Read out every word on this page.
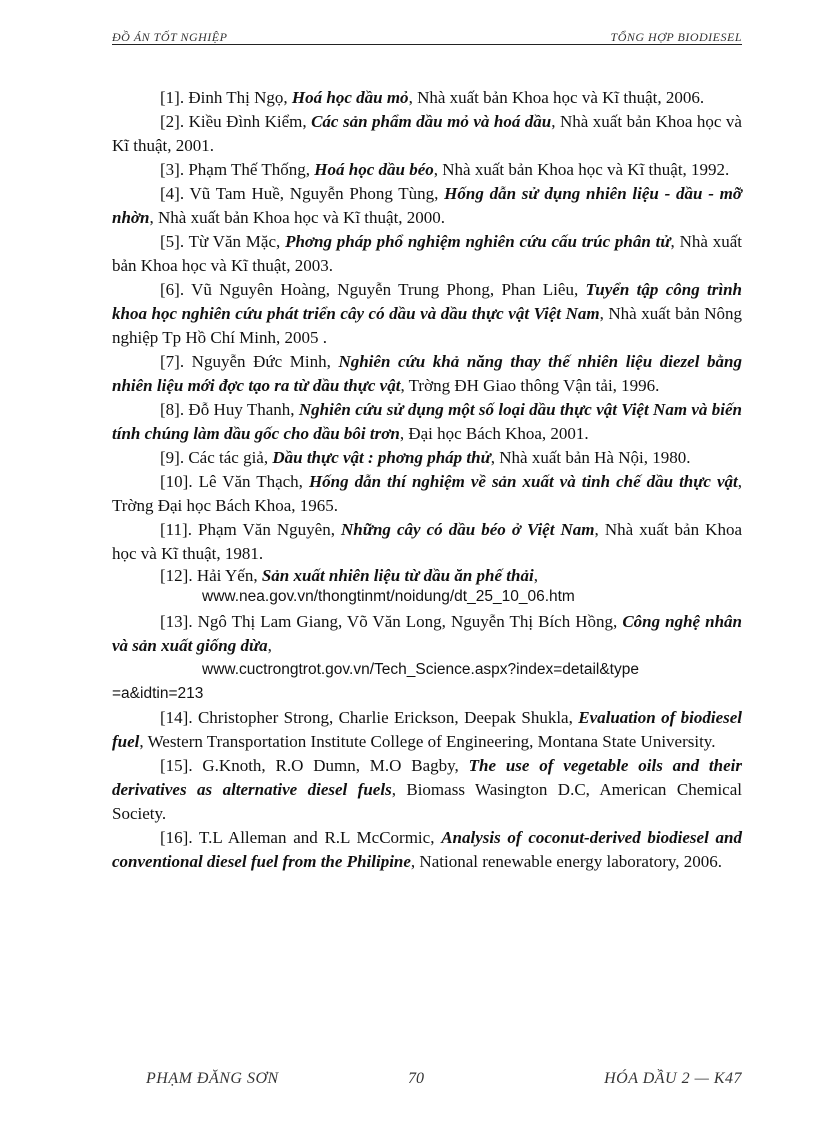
ĐỒ ÁN TỐT NGHIỆP	TỔNG HỢP BIODIESEL

[1]. Đinh Thị Ngọ, Hoá học dầu mỏ, Nhà xuất bản Khoa học và Kĩ thuật, 2006.

[2]. Kiều Đình Kiểm, Các sản phẩm dầu mỏ và hoá dầu, Nhà xuất bản Khoa học và Kĩ thuật, 2001.

[3]. Phạm Thế Thống, Hoá học dầu béo, Nhà xuất bản Khoa học và Kĩ thuật, 1992.

[4]. Vũ Tam Huề, Nguyễn Phong Tùng, Hống dẫn sử dụng nhiên liệu - dầu - mỡ nhờn, Nhà xuất bản Khoa học và Kĩ thuật, 2000.

[5]. Từ Văn Mặc, Phơng pháp phổ nghiệm nghiên cứu cấu trúc phân tử, Nhà xuất bản Khoa học và Kĩ thuật, 2003.

[6]. Vũ Nguyên Hoàng, Nguyễn Trung Phong, Phan Liêu, Tuyển tập công trình khoa học nghiên cứu phát triển cây có dầu và dầu thực vật Việt Nam, Nhà xuất bản Nông nghiệp Tp Hồ Chí Minh, 2005 .

[7]. Nguyễn Đức Minh, Nghiên cứu khả năng thay thế nhiên liệu diezel bằng nhiên liệu mới đợc tạo ra từ dầu thực vật, Trờng ĐH Giao thông Vận tải, 1996.

[8]. Đỗ Huy Thanh, Nghiên cứu sử dụng một số loại dầu thực vật Việt Nam và biến tính chúng làm dầu gốc cho dầu bôi trơn, Đại học Bách Khoa, 2001.

[9]. Các tác giả, Dầu thực vật : phơng pháp thử, Nhà xuất bản Hà Nội, 1980.

[10]. Lê Văn Thạch, Hống dẫn thí nghiệm về sản xuất và tinh chế dầu thực vật, Trờng Đại học Bách Khoa, 1965.

[11]. Phạm Văn Nguyên, Những cây có dầu béo ở Việt Nam, Nhà xuất bản Khoa học và Kĩ thuật, 1981.

[12]. Hải Yến, Sản xuất nhiên liệu từ dầu ăn phế thải,
www.nea.gov.vn/thongtinmt/noidung/dt_25_10_06.htm

[13]. Ngô Thị Lam Giang, Võ Văn Long, Nguyễn Thị Bích Hồng, Công nghệ nhân và sản xuất giống dừa,
www.cuctrongtrot.gov.vn/Tech_Science.aspx?index=detail&type
=a&idtin=213

[14]. Christopher Strong, Charlie Erickson, Deepak Shukla, Evaluation of biodiesel fuel, Western Transportation Institute College of Engineering, Montana State University.

[15]. G.Knoth, R.O Dumn, M.O Bagby, The use of vegetable oils and their derivatives as alternative diesel fuels, Biomass Wasington D.C, American Chemical Society.

[16]. T.L Alleman and R.L McCormic, Analysis of coconut-derived biodiesel and conventional diesel fuel from the Philipine, National renewable energy laboratory, 2006.

PHẠM ĐĂNG SƠN	70	HÓA DẦU 2 — K47
